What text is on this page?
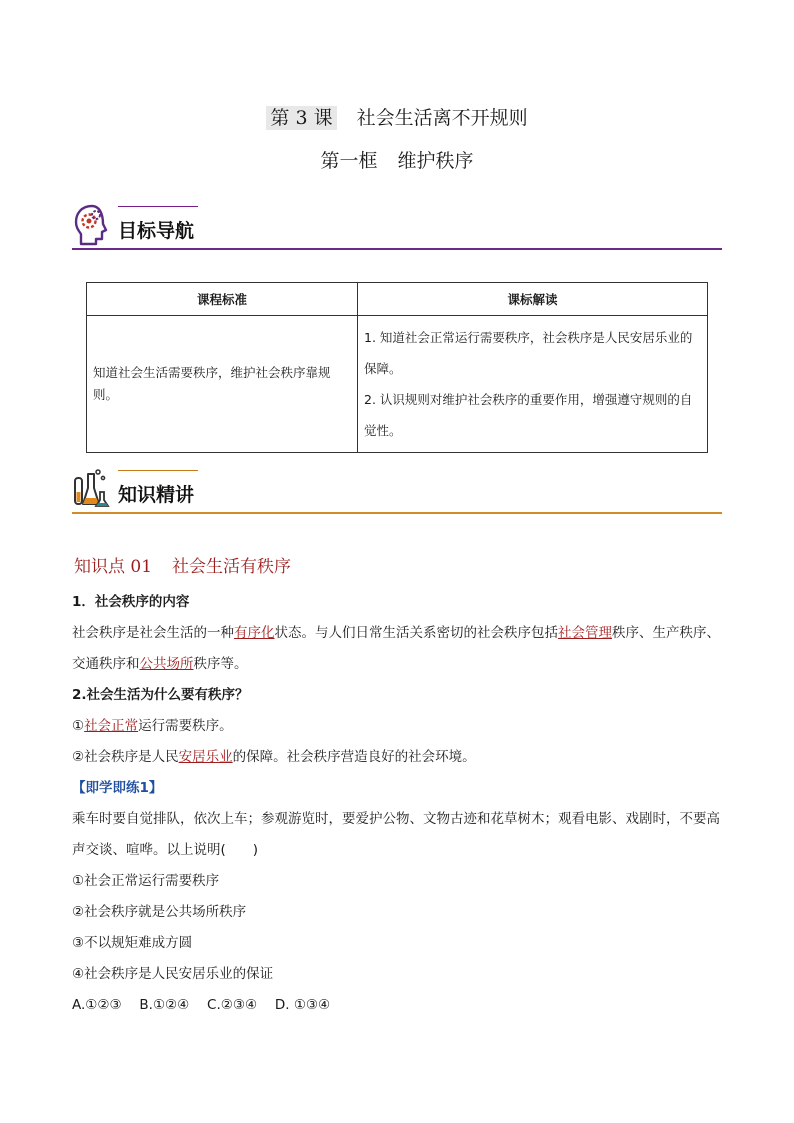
第 3 课 社会生活离不开规则
第一框 维护秩序
目标导航
课程标准	课标解读
知道社会生活需要秩序，维护社会秩序靠规则。	1. 知道社会正常运行需要秩序，社会秩序是人民安居乐业的保障。
2. 认识规则对维护社会秩序的重要作用，增强遵守规则的自觉性。
知识精讲
知识点 01 社会生活有秩序
1．社会秩序的内容
社会秩序是社会生活的一种有序化状态。与人们日常生活关系密切的社会秩序包括社会管理秩序、生产秩序、交通秩序和公共场所秩序等。
2.社会生活为什么要有秩序？
①社会正常运行需要秩序。
②社会秩序是人民安居乐业的保障。社会秩序营造良好的社会环境。
【即学即练1】
乘车时要自觉排队，依次上车；参观游览时，要爱护公物、文物古迹和花草树木；观看电影、戏剧时，不要高声交谈、喧哗。以上说明(　　)
①社会正常运行需要秩序
②社会秩序就是公共场所秩序
③不以规矩难成方圆
④社会秩序是人民安居乐业的保证
A.①②③　 B.①②④　 C.②③④　 D. ①③④
